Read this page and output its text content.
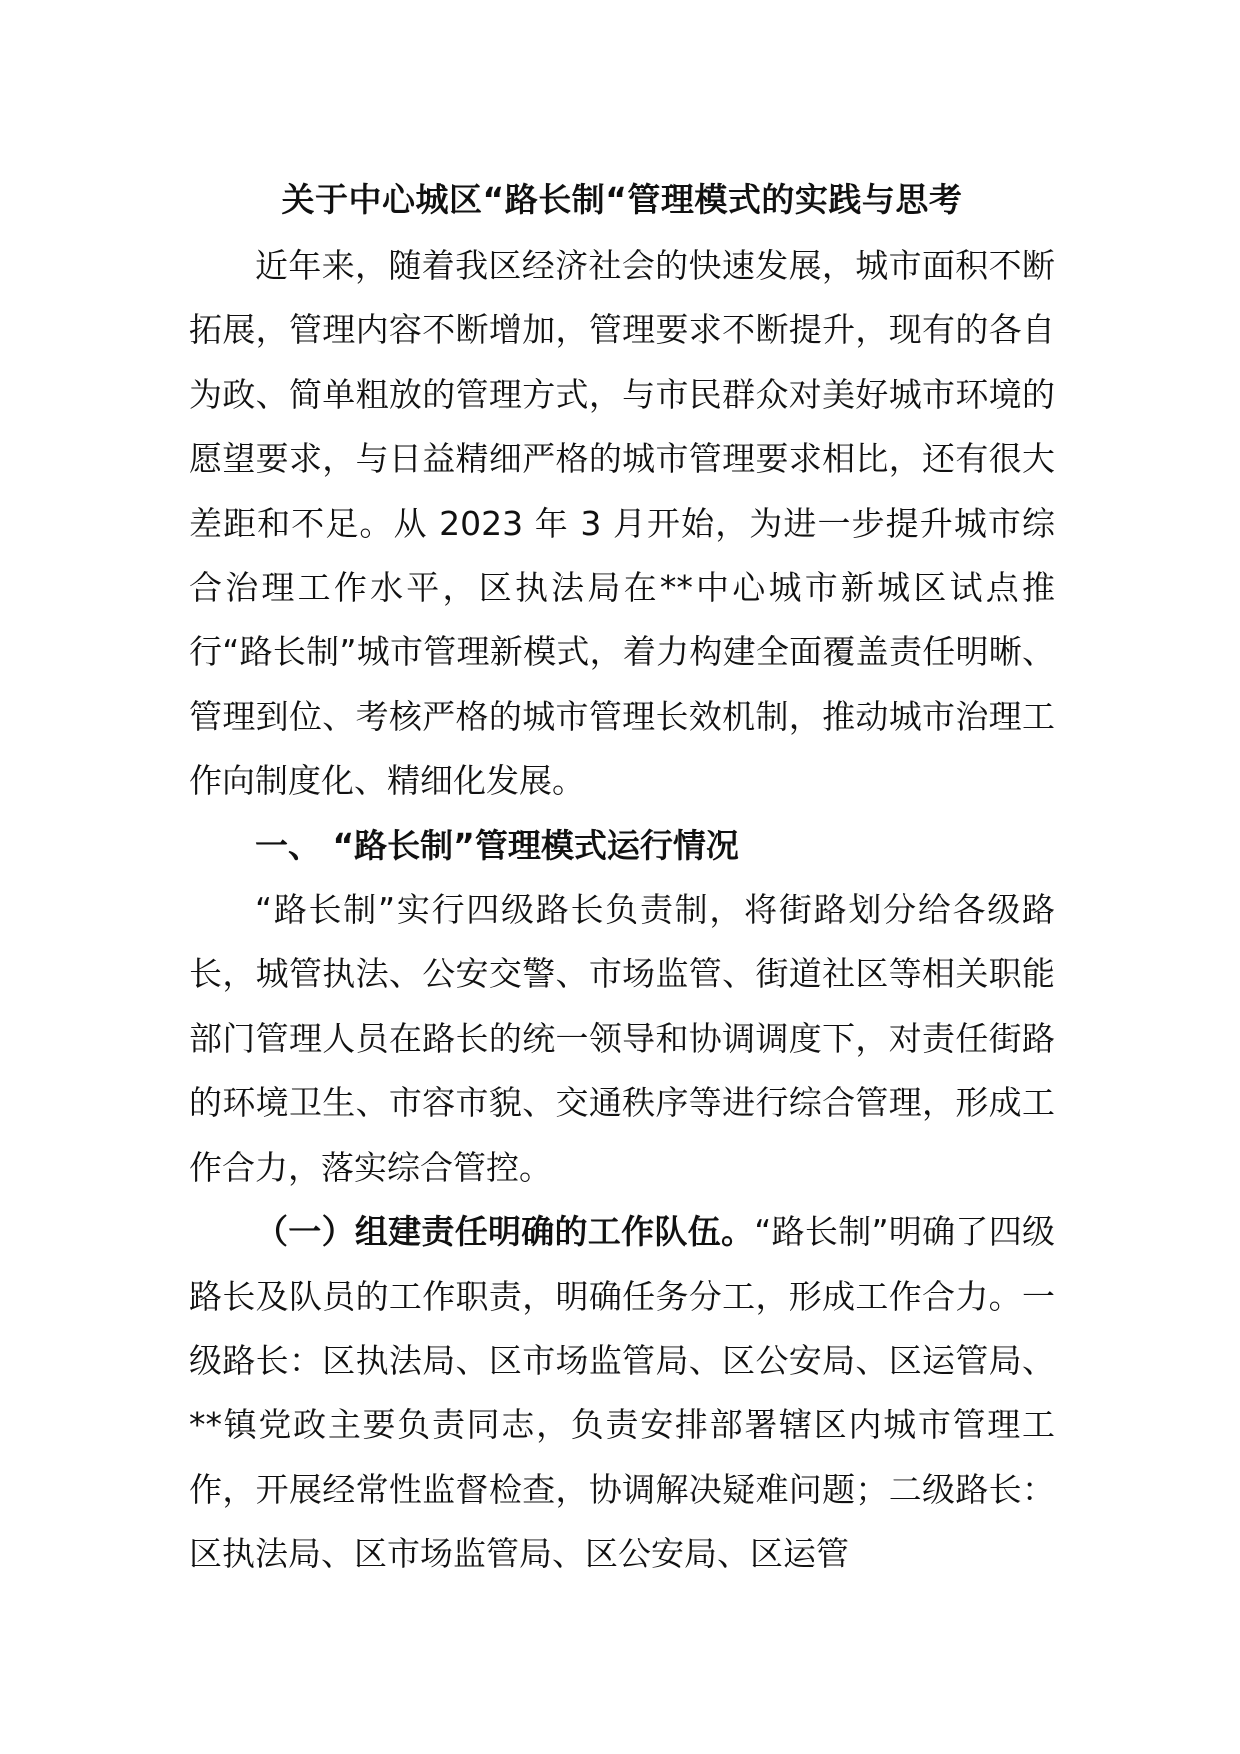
关于中心城区“路长制“管理模式的实践与思考

近年来，随着我区经济社会的快速发展，城市面积不断拓展，管理内容不断增加，管理要求不断提升，现有的各自为政、简单粗放的管理方式，与市民群众对美好城市环境的愿望要求，与日益精细严格的城市管理要求相比，还有很大差距和不足。从 2023 年 3 月开始，为进一步提升城市综合治理工作水平，区执法局在**中心城市新城区试点推行“路长制”城市管理新模式，着力构建全面覆盖责任明晰、管理到位、考核严格的城市管理长效机制，推动城市治理工作向制度化、精细化发展。

一、 “路长制”管理模式运行情况

“路长制”实行四级路长负责制，将街路划分给各级路长，城管执法、公安交警、市场监管、街道社区等相关职能部门管理人员在路长的统一领导和协调调度下，对责任街路的环境卫生、市容市貌、交通秩序等进行综合管理，形成工作合力，落实综合管控。

（一）组建责任明确的工作队伍。“路长制”明确了四级路长及队员的工作职责，明确任务分工，形成工作合力。一级路长：区执法局、区市场监管局、区公安局、区运管局、**镇党政主要负责同志，负责安排部署辖区内城市管理工作，开展经常性监督检查，协调解决疑难问题；二级路长：区执法局、区市场监管局、区公安局、区运管
